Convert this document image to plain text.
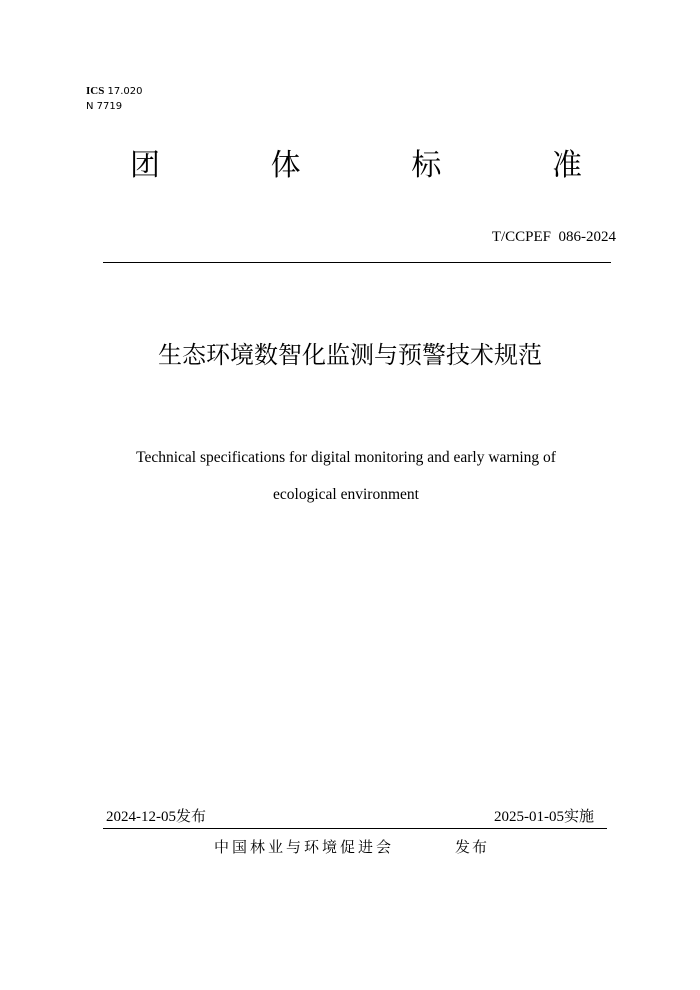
ICS 17.020
N 7719
团	体	标	准
T/CCPEF  086-2024
生态环境数智化监测与预警技术规范
Technical specifications for digital monitoring and early warning of
ecological environment
2024-12-05发布	2025-01-05实施
中国林业与环境促进会	发布
